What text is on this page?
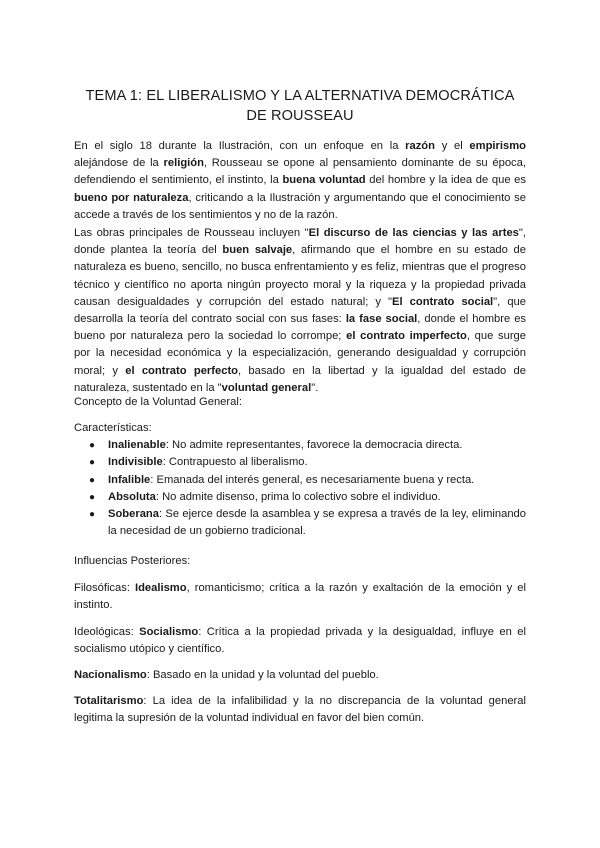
TEMA 1: EL LIBERALISMO Y LA ALTERNATIVA DEMOCRÁTICA
DE ROUSSEAU

En el siglo 18 durante la Ilustración, con un enfoque en la razón y el empirismo alejándose de la religión, Rousseau se opone al pensamiento dominante de su época, defendiendo el sentimiento, el instinto, la buena voluntad del hombre y la idea de que es bueno por naturaleza, criticando a la Ilustración y argumentando que el conocimiento se accede a través de los sentimientos y no de la razón.

Las obras principales de Rousseau incluyen "El discurso de las ciencias y las artes", donde plantea la teoría del buen salvaje, afirmando que el hombre en su estado de naturaleza es bueno, sencillo, no busca enfrentamiento y es feliz, mientras que el progreso técnico y científico no aporta ningún proyecto moral y la riqueza y la propiedad privada causan desigualdades y corrupción del estado natural; y "El contrato social", que desarrolla la teoría del contrato social con sus fases: la fase social, donde el hombre es bueno por naturaleza pero la sociedad lo corrompe; el contrato imperfecto, que surge por la necesidad económica y la especialización, generando desigualdad y corrupción moral; y el contrato perfecto, basado en la libertad y la igualdad del estado de naturaleza, sustentado en la "voluntad general".

Concepto de la Voluntad General:

Características:

● Inalienable: No admite representantes, favorece la democracia directa.
● Indivisible: Contrapuesto al liberalismo.
● Infalible: Emanada del interés general, es necesariamente buena y recta.
● Absoluta: No admite disenso, prima lo colectivo sobre el individuo.
● Soberana: Se ejerce desde la asamblea y se expresa a través de la ley, eliminando la necesidad de un gobierno tradicional.

Influencias Posteriores:

Filosóficas: Idealismo, romanticismo; crítica a la razón y exaltación de la emoción y el instinto.

Ideológicas: Socialismo: Crítica a la propiedad privada y la desigualdad, influye en el socialismo utópico y científico.

Nacionalismo: Basado en la unidad y la voluntad del pueblo.

Totalitarismo: La idea de la infalibilidad y la no discrepancia de la voluntad general legitima la supresión de la voluntad individual en favor del bien común.
